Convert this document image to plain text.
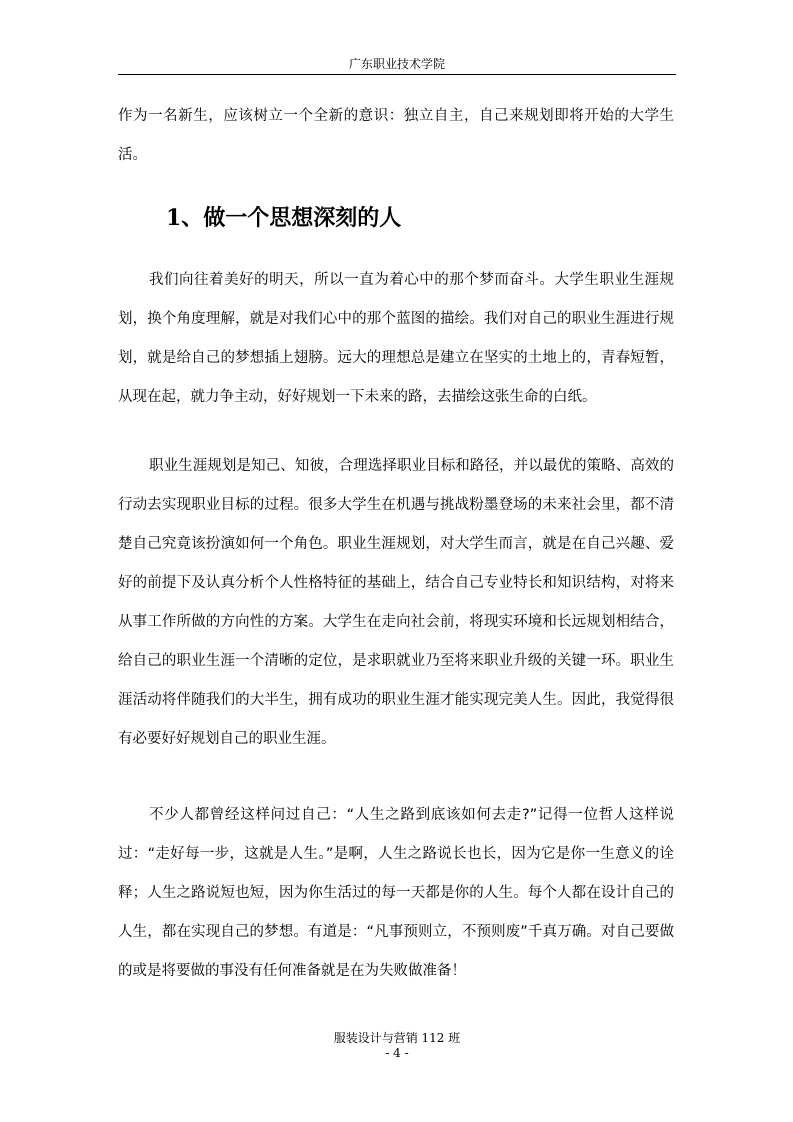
广东职业技术学院

作为一名新生，应该树立一个全新的意识：独立自主，自己来规划即将开始的大学生活。

1、做一个思想深刻的人

我们向往着美好的明天，所以一直为着心中的那个梦而奋斗。大学生职业生涯规划，换个角度理解，就是对我们心中的那个蓝图的描绘。我们对自己的职业生涯进行规划，就是给自己的梦想插上翅膀。远大的理想总是建立在坚实的土地上的，青春短暂，从现在起，就力争主动，好好规划一下未来的路，去描绘这张生命的白纸。

职业生涯规划是知己、知彼，合理选择职业目标和路径，并以最优的策略、高效的行动去实现职业目标的过程。很多大学生在机遇与挑战粉墨登场的未来社会里，都不清楚自己究竟该扮演如何一个角色。职业生涯规划，对大学生而言，就是在自己兴趣、爱好的前提下及认真分析个人性格特征的基础上，结合自己专业特长和知识结构，对将来从事工作所做的方向性的方案。大学生在走向社会前，将现实环境和长远规划相结合，给自己的职业生涯一个清晰的定位，是求职就业乃至将来职业升级的关键一环。职业生涯活动将伴随我们的大半生，拥有成功的职业生涯才能实现完美人生。因此，我觉得很有必要好好规划自己的职业生涯。

不少人都曾经这样问过自己：“人生之路到底该如何去走?”记得一位哲人这样说过：“走好每一步，这就是人生。”是啊，人生之路说长也长，因为它是你一生意义的诠释；人生之路说短也短，因为你生活过的每一天都是你的人生。每个人都在设计自己的人生，都在实现自己的梦想。有道是：“凡事预则立，不预则废”千真万确。对自己要做的或是将要做的事没有任何准备就是在为失败做准备！

服装设计与营销 112 班
- 4 -
